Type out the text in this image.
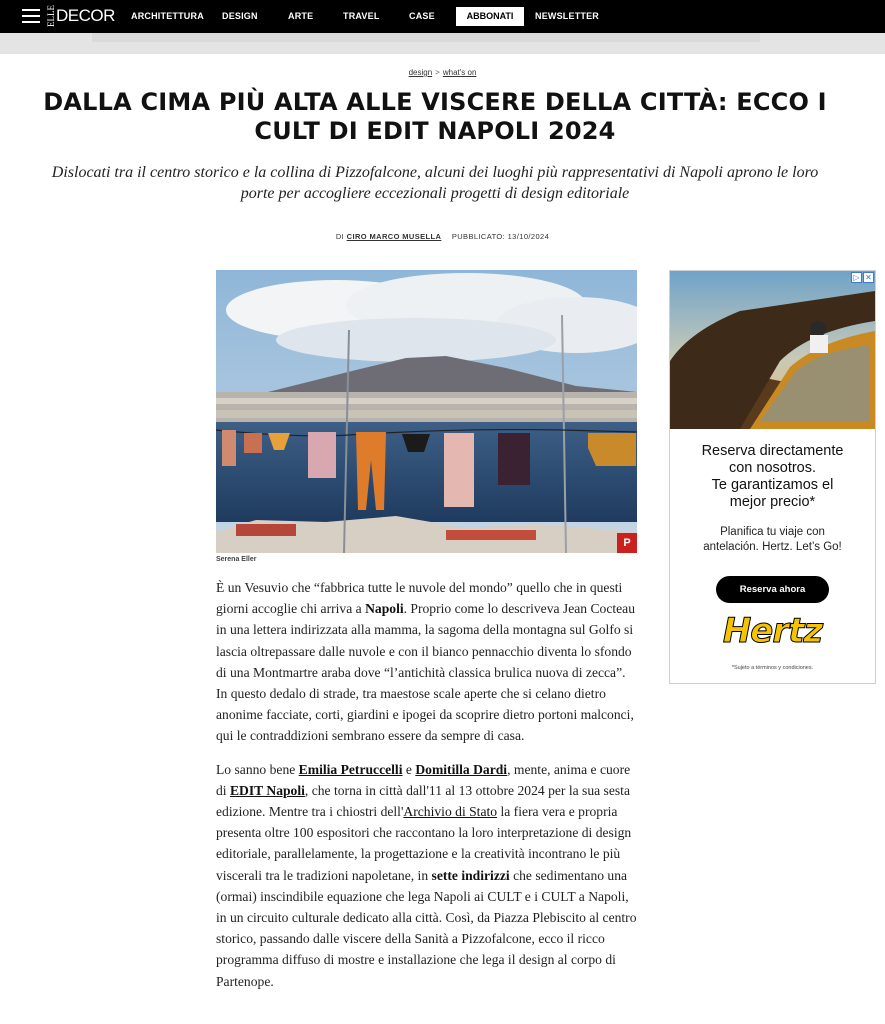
ELLE DECOR ARCHITETTURA DESIGN	ARTE	TRAVEL	CASE	ABBONATI	NEWSLETTER
design > what's on
DALLA CIMA PIÙ ALTA ALLE VISCERE DELLA CITTÀ: ECCO I CULT DI EDIT NAPOLI 2024
Dislocati tra il centro storico e la collina di Pizzofalcone, alcuni dei luoghi più rappresentativi di Napoli aprono le loro porte per accogliere eccezionali progetti di design editoriale
DI CIRO MARCO MUSELLA PUBBLICATO: 13/10/2024
P
Serena Eller

È un Vesuvio che “fabbrica tutte le nuvole del mondo” quello che in questi giorni accoglie chi arriva a Napoli. Proprio come lo descriveva Jean Cocteau in una lettera indirizzata alla mamma, la sagoma della montagna sul Golfo si lascia oltrepassare dalle nuvole e con il bianco pennacchio diventa lo sfondo di una Montmartre araba dove “l’antichità classica brulica nuova di zecca”. In questo dedalo di strade, tra maestose scale aperte che si celano dietro anonime facciate, corti, giardini e ipogei da scoprire dietro portoni malconci, qui le contraddizioni sembrano essere da sempre di casa.

Lo sanno bene Emilia Petruccelli e Domitilla Dardi, mente, anima e cuore di EDIT Napoli, che torna in città dall'11 al 13 ottobre 2024 per la sua sesta edizione. Mentre tra i chiostri dell'Archivio di Stato la fiera vera e propria presenta oltre 100 espositori che raccontano la loro interpretazione di design editoriale, parallelamente, la progettazione e la creatività incontrano le più viscerali tra le tradizioni napoletane, in sette indirizzi che sedimentano una (ormai) inscindibile equazione che lega Napoli ai CULT e i CULT a Napoli, in un circuito culturale dedicato alla città. Così, da Piazza Plebiscito al centro storico, passando dalle viscere della Sanità a Pizzofalcone, ecco il ricco programma diffuso di mostre e installazione che lega il design al corpo di Partenope.

▷ ✕
Reserva directamente
con nosotros.
Te garantizamos el
mejor precio*
Planifica tu viaje con
antelación. Hertz. Let’s Go!
Reserva ahora
Hertz
*Sujeto a términos y condiciones.
